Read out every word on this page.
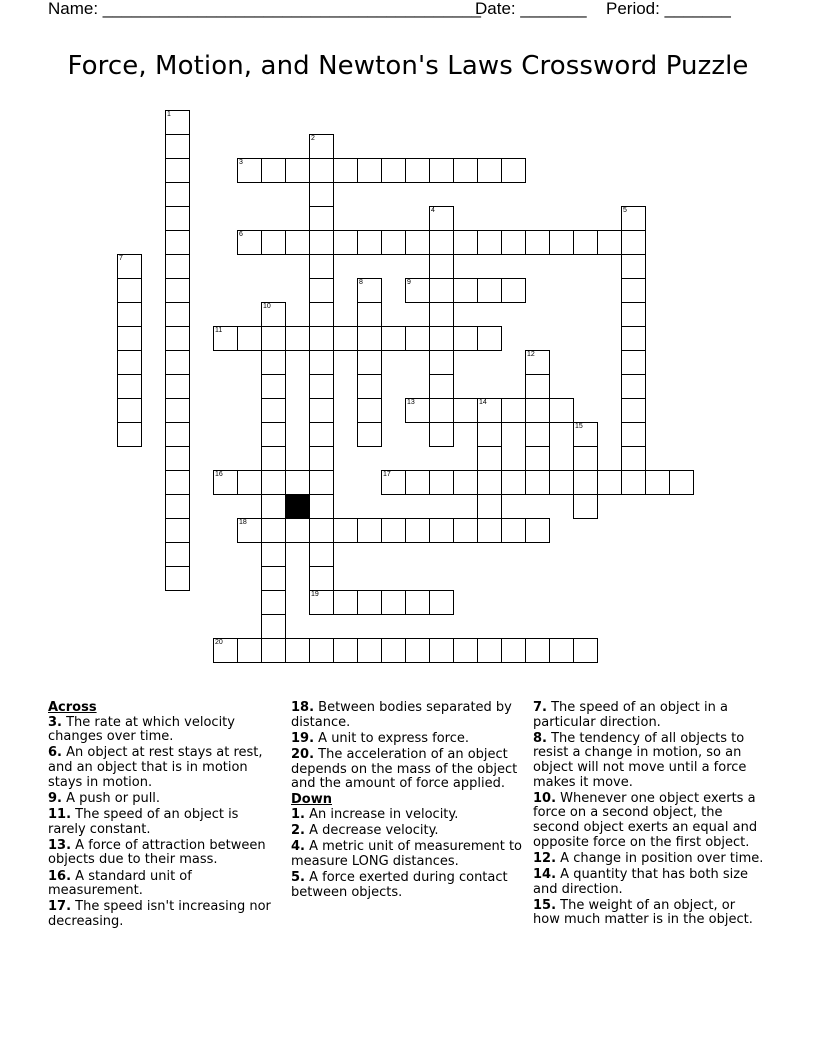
Name: ________________________________________
Date: _______ Period: _______
Force, Motion, and Newton's Laws Crossword Puzzle
1
2
19
3
4	5
6
7
8	9
10
11
12
13	14
15
16	17
18
20
Across
3. The rate at which velocity changes over time.
6. An object at rest stays at rest, and an object that is in motion stays in motion.
9. A push or pull.
11. The speed of an object is rarely constant.
13. A force of attraction between objects due to their mass.
16. A standard unit of measurement.
17. The speed isn't increasing nor decreasing.
18. Between bodies separated by distance.
19. A unit to express force.
20. The acceleration of an object depends on the mass of the object and the amount of force applied.
Down
1. An increase in velocity.
2. A decrease velocity.
4. A metric unit of measurement to measure LONG distances.
5. A force exerted during contact between objects.
7. The speed of an object in a particular direction.
8. The tendency of all objects to resist a change in motion, so an object will not move until a force makes it move.
10. Whenever one object exerts a force on a second object, the second object exerts an equal and opposite force on the first object.
12. A change in position over time.
14. A quantity that has both size and direction.
15. The weight of an object, or how much matter is in the object.
